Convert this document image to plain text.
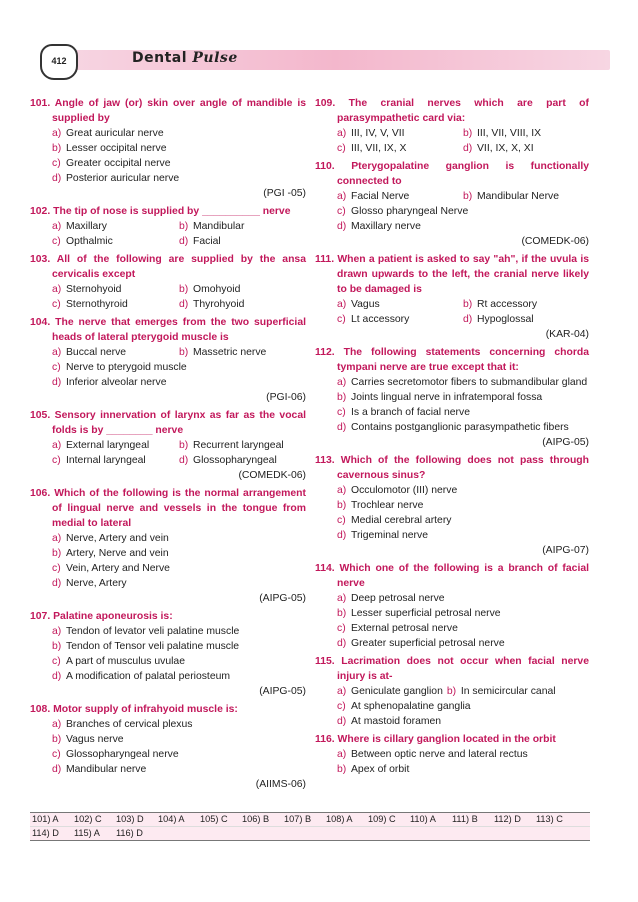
412	Dental Pulse
101. Angle of jaw (or) skin over angle of mandible is supplied by
a) Great auricular nerve
b) Lesser occipital nerve
c) Greater occipital nerve
d) Posterior auricular nerve
(PGI -05)
102. The tip of nose is supplied by __________ nerve
a) Maxillary	b) Mandibular
c) Opthalmic	d) Facial
103. All of the following are supplied by the ansa cervicalis except
a) Sternohyoid	b) Omohyoid
c) Sternothyroid	d) Thyrohyoid
104. The nerve that emerges from the two superficial heads of lateral pterygoid muscle is
a) Buccal nerve	b) Massetric nerve
c) Nerve to pterygoid muscle
d) Inferior alveolar nerve
(PGI-06)
105. Sensory innervation of larynx as far as the vocal folds is by ________ nerve
a) External laryngeal	b) Recurrent laryngeal
c) Internal laryngeal	d) Glossopharyngeal
(COMEDK-06)
106. Which of the following is the normal arrangement of lingual nerve and vessels in the tongue from medial to lateral
a) Nerve, Artery and vein
b) Artery, Nerve and vein
c) Vein, Artery and Nerve
d) Nerve, Artery
(AIPG-05)
107. Palatine aponeurosis is:
a) Tendon of levator veli palatine muscle
b) Tendon of Tensor veli palatine muscle
c) A part of musculus uvulae
d) A modification of palatal periosteum
(AIPG-05)
108. Motor supply of infrahyoid muscle is:
a) Branches of cervical plexus
b) Vagus nerve
c) Glossopharyngeal nerve
d) Mandibular nerve
(AIIMS-06)
109. The cranial nerves which are part of parasympathetic card via:
a) III, IV, V, VII	b) III, VII, VIII, IX
c) III, VII, IX, X	d) VII, IX, X, XI
110. Pterygopalatine ganglion is functionally connected to
a) Facial Nerve	b) Mandibular Nerve
c) Glosso pharyngeal Nerve
d) Maxillary nerve
(COMEDK-06)
111. When a patient is asked to say "ah", if the uvula is drawn upwards to the left, the cranial nerve likely to be damaged is
a) Vagus	b) Rt accessory
c) Lt accessory	d) Hypoglossal
(KAR-04)
112. The following statements concerning chorda tympani nerve are true except that it:
a) Carries secretomotor fibers to submandibular gland
b) Joints lingual nerve in infratemporal fossa
c) Is a branch of facial nerve
d) Contains postganglionic parasympathetic fibers
(AIPG-05)
113. Which of the following does not pass through cavernous sinus?
a) Occulomotor (III) nerve
b) Trochlear nerve
c) Medial cerebral artery
d) Trigeminal nerve
(AIPG-07)
114. Which one of the following is a branch of facial nerve
a) Deep petrosal nerve
b) Lesser superficial petrosal nerve
c) External petrosal nerve
d) Greater superficial petrosal nerve
115. Lacrimation does not occur when facial nerve injury is at-
a) Geniculate ganglion b) In semicircular canal
c) At sphenopalatine ganglia
d) At mastoid foramen
116. Where is cillary ganglion located in the orbit
a) Between optic nerve and lateral rectus
b) Apex of orbit
101) A	102) C	103) D	104) A	105) C	106) B	107) B	108) A	109) C	110) A	111) B	112) D	113) C
114) D	115) A	116) D
